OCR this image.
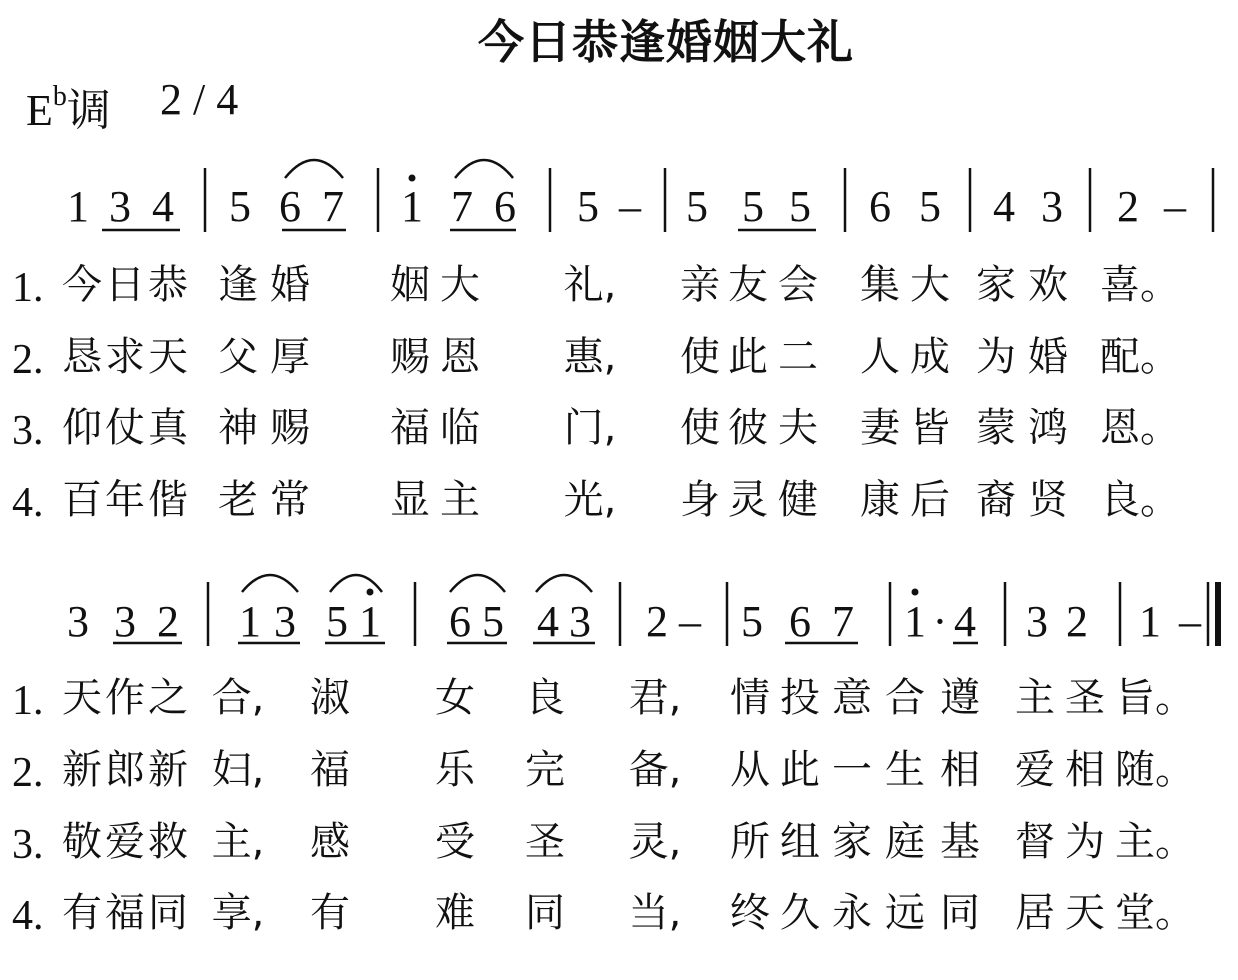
今日恭逢婚姻大礼
$E^b$调 2 / 4
1 3 4 5 6 7 1 7 6 5 – 5 5 5 6 5 4 3 2 –
1. 今 日 恭 逢 婚 姻 大 礼, 亲 友 会 集 大 家 欢 喜。
2. 恳 求 天 父 厚 赐 恩 惠, 使 此 二 人 成 为 婚 配。
3. 仰 仗 真 神 赐 福 临 门, 使 彼 夫 妻 皆 蒙 鸿 恩。
4. 百 年 偕 老 常 显 主 光, 身 灵 健 康 后 裔 贤 良。
3 3 2 1 3 5 1 6 5 4 3 2 – 5 6 7 1 · 4 3 2 1 –
1. 天 作 之 合, 淑 女 良 君, 情 投 意 合 遵 主 圣 旨。
2. 新 郎 新 妇, 福 乐 完 备, 从 此 一 生 相 爱 相 随。
3. 敬 爱 救 主, 感 受 圣 灵, 所 组 家 庭 基 督 为 主。
4. 有 福 同 享, 有 难 同 当, 终 久 永 远 同 居 天 堂。
